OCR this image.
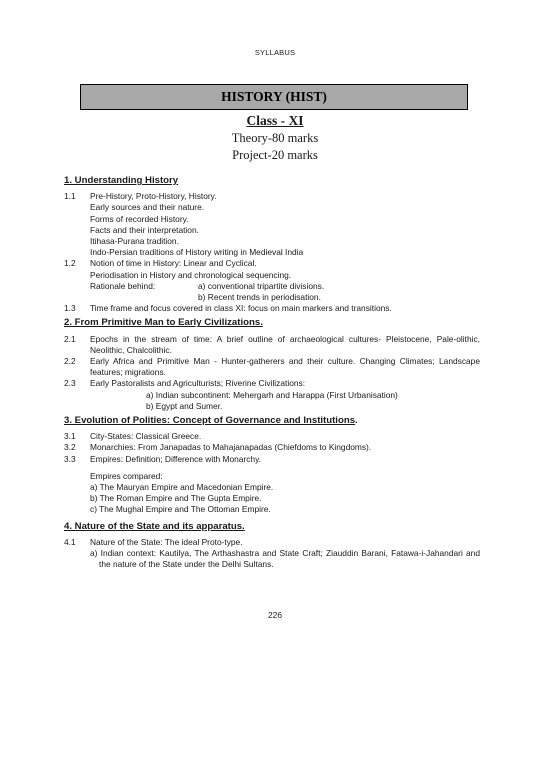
SYLLABUS
HISTORY (HIST)
Class - XI
Theory-80 marks
Project-20 marks
1. Understanding History
1.1	Pre-History, Proto-History, History.
Early sources and their nature.
Forms of recorded History.
Facts and their interpretation.
Itihasa-Purana tradition.
Indo-Persian traditions of History writing in Medieval India
1.2	Notion of time in History: Linear and Cyclical.
Periodisation in History and chronological sequencing.
Rationale behind:	a) conventional tripartite divisions.
b) Recent trends in periodisation.
1.3	Time frame and focus covered in class XI: focus on main markers and transitions.
2. From Primitive Man to Early Civilizations.
2.1	Epochs in the stream of time: A brief outline of archaeological cultures- Pleistocene, Pale-olithic, Neolithic, Chalcolithic.
2.2	Early Africa and Primitive Man - Hunter-gatherers and their culture. Changing Climates; Landscape features; migrations.
2.3	Early Pastoralists and Agriculturists; Riverine Civilizations:
a) Indian subcontinent: Mehergarh and Harappa (First Urbanisation)
b) Egypt and Sumer.
3. Evolution of Polities: Concept of Governance and Institutions.
3.1	City-States: Classical Greece.
3.2	Monarchies: From Janapadas to Mahajanapadas (Chiefdoms to Kingdoms).
3.3	Empires: Definition; Difference with Monarchy.
Empires compared:
a) The Mauryan Empire and Macedonian Empire.
b) The Roman Empire and The Gupta Empire.
c) The Mughal Empire and The Ottoman Empire.
4. Nature of the State and its apparatus.
4.1	Nature of the State: The ideal Proto-type.
a) Indian context: Kautilya, The Arthashastra and State Craft; Ziauddin Barani, Fatawa-i-Jahandari and the nature of the State under the Delhi Sultans.
226
